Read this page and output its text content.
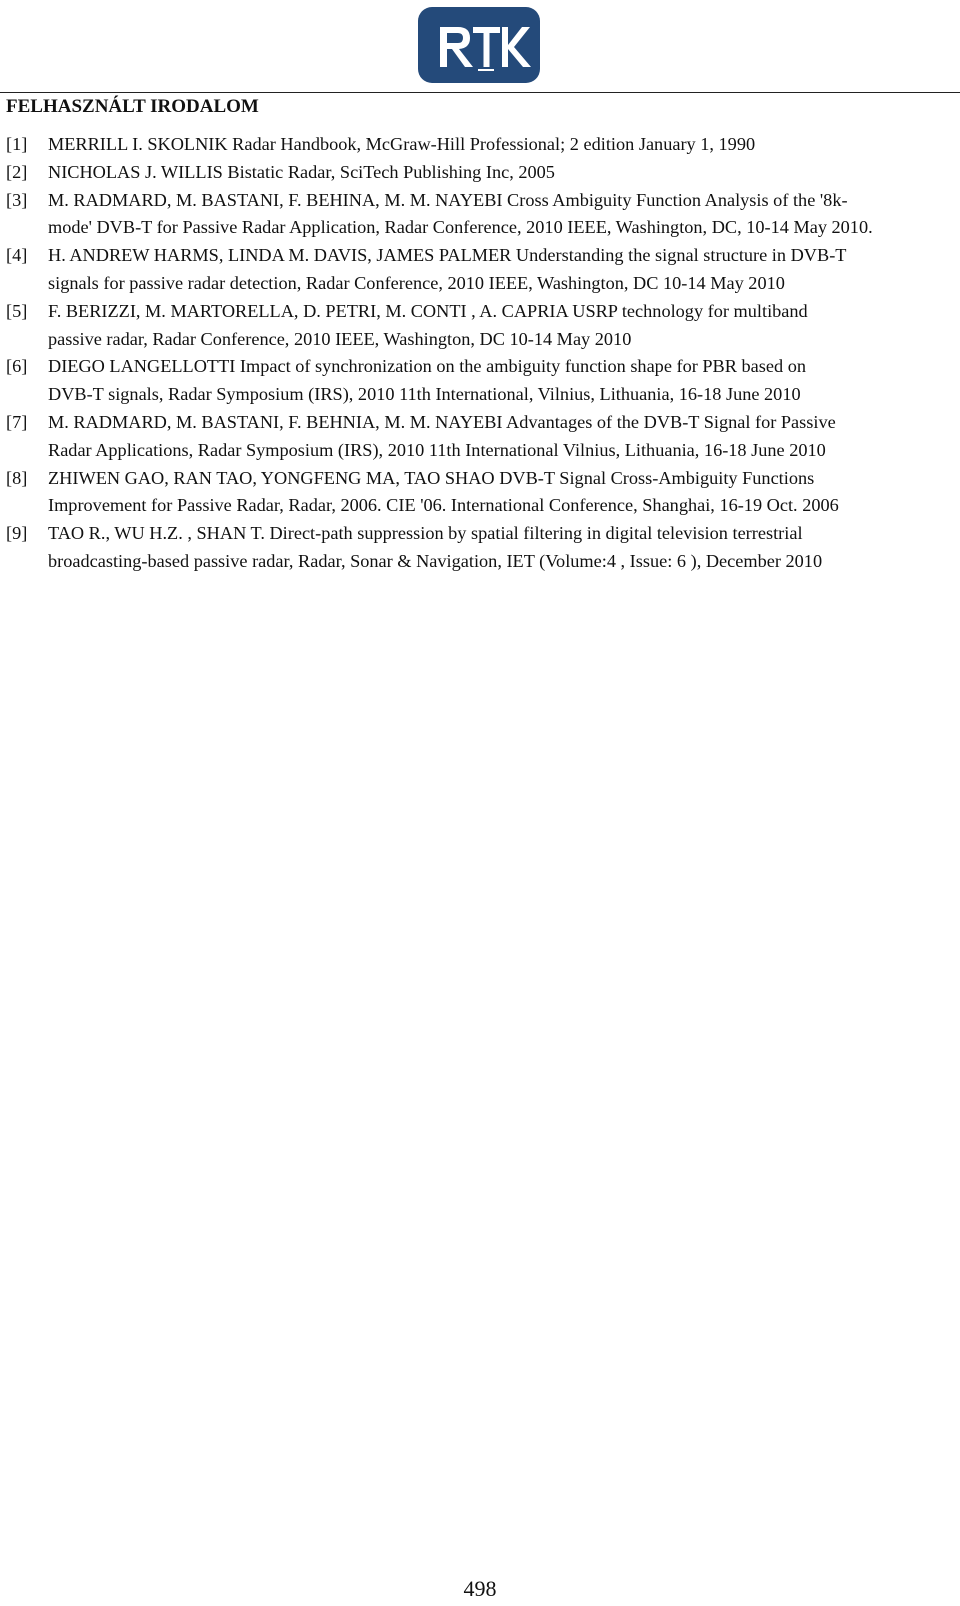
FELHASZNÁLT IRODALOM
[1] MERRILL I. SKOLNIK Radar Handbook, McGraw-Hill Professional; 2 edition January 1, 1990
[2] NICHOLAS J. WILLIS Bistatic Radar, SciTech Publishing Inc, 2005
[3] M. RADMARD, M. BASTANI, F. BEHINA, M. M. NAYEBI Cross Ambiguity Function Analysis of the '8k-
mode' DVB-T for Passive Radar Application, Radar Conference, 2010 IEEE, Washington, DC, 10-14 May 2010.
[4] H. ANDREW HARMS, LINDA M. DAVIS, JAMES PALMER Understanding the signal structure in DVB-T
signals for passive radar detection, Radar Conference, 2010 IEEE, Washington, DC 10-14 May 2010
[5] F. BERIZZI, M. MARTORELLA, D. PETRI, M. CONTI , A. CAPRIA USRP technology for multiband
passive radar, Radar Conference, 2010 IEEE, Washington, DC 10-14 May 2010
[6] DIEGO LANGELLOTTI Impact of synchronization on the ambiguity function shape for PBR based on
DVB-T signals, Radar Symposium (IRS), 2010 11th International, Vilnius, Lithuania, 16-18 June 2010
[7] M. RADMARD, M. BASTANI, F. BEHNIA, M. M. NAYEBI Advantages of the DVB-T Signal for Passive
Radar Applications, Radar Symposium (IRS), 2010 11th International Vilnius, Lithuania, 16-18 June 2010
[8] ZHIWEN GAO, RAN TAO, YONGFENG MA, TAO SHAO DVB-T Signal Cross-Ambiguity Functions
Improvement for Passive Radar, Radar, 2006. CIE '06. International Conference, Shanghai, 16-19 Oct. 2006
[9] TAO R., WU H.Z. , SHAN T. Direct-path suppression by spatial filtering in digital television terrestrial
broadcasting-based passive radar, Radar, Sonar & Navigation, IET (Volume:4 , Issue: 6 ), December 2010
498
